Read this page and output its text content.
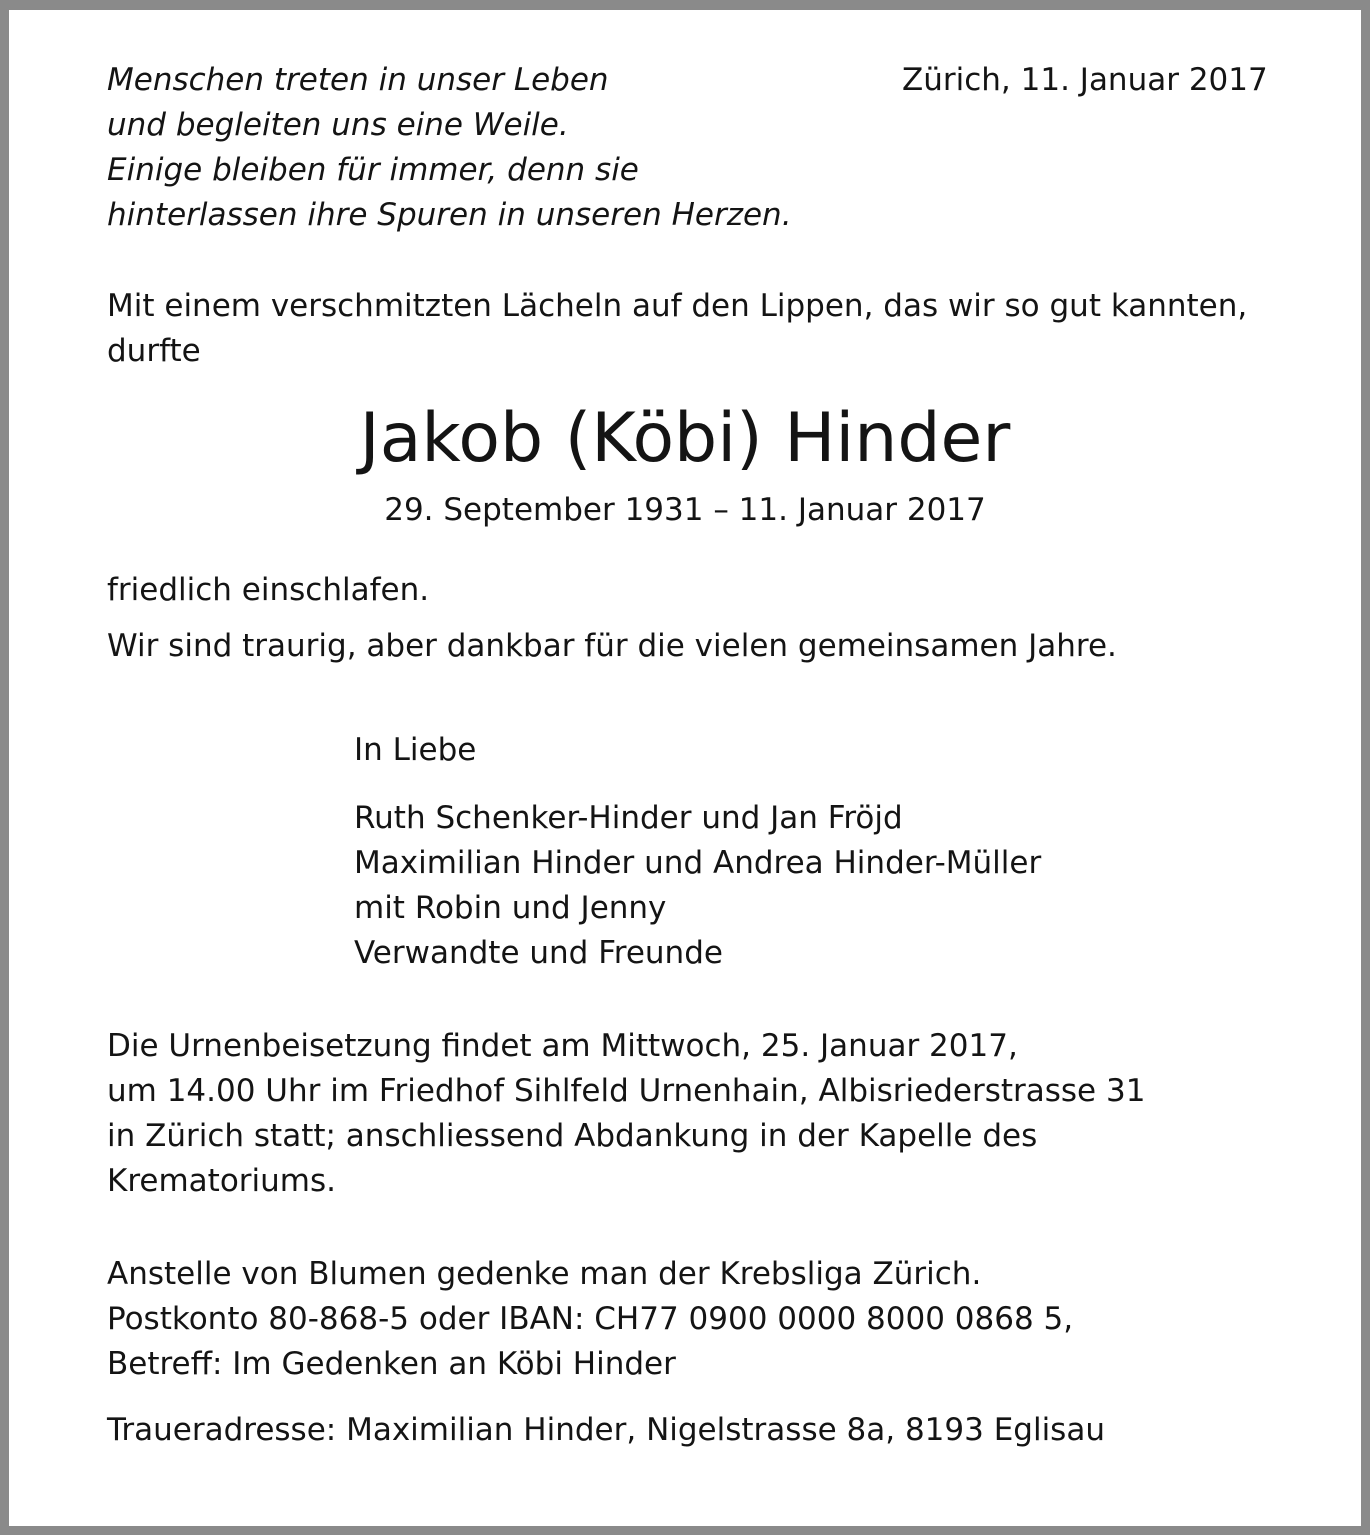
Menschen treten in unser Leben
und begleiten uns eine Weile.
Einige bleiben für immer, denn sie
hinterlassen ihre Spuren in unseren Herzen.

Zürich, 11. Januar 2017

Mit einem verschmitzten Lächeln auf den Lippen, das wir so gut kannten,
durfte
Jakob (Köbi) Hinder

29. September 1931 – 11. Januar 2017

friedlich einschlafen.

Wir sind traurig, aber dankbar für die vielen gemeinsamen Jahre.

In Liebe

Ruth Schenker-Hinder und Jan Fröjd
Maximilian Hinder und Andrea Hinder-Müller
mit Robin und Jenny
Verwandte und Freunde
Die Urnenbeisetzung findet am Mittwoch, 25. Januar 2017,
um 14.00 Uhr im Friedhof Sihlfeld Urnenhain, Albisriederstrasse 31
in Zürich statt; anschliessend Abdankung in der Kapelle des
Krematoriums.
Anstelle von Blumen gedenke man der Krebsliga Zürich.
Postkonto 80-868-5 oder IBAN: CH77 0900 0000 8000 0868 5,
Betreff: Im Gedenken an Köbi Hinder

Traueradresse: Maximilian Hinder, Nigelstrasse 8a, 8193 Eglisau
